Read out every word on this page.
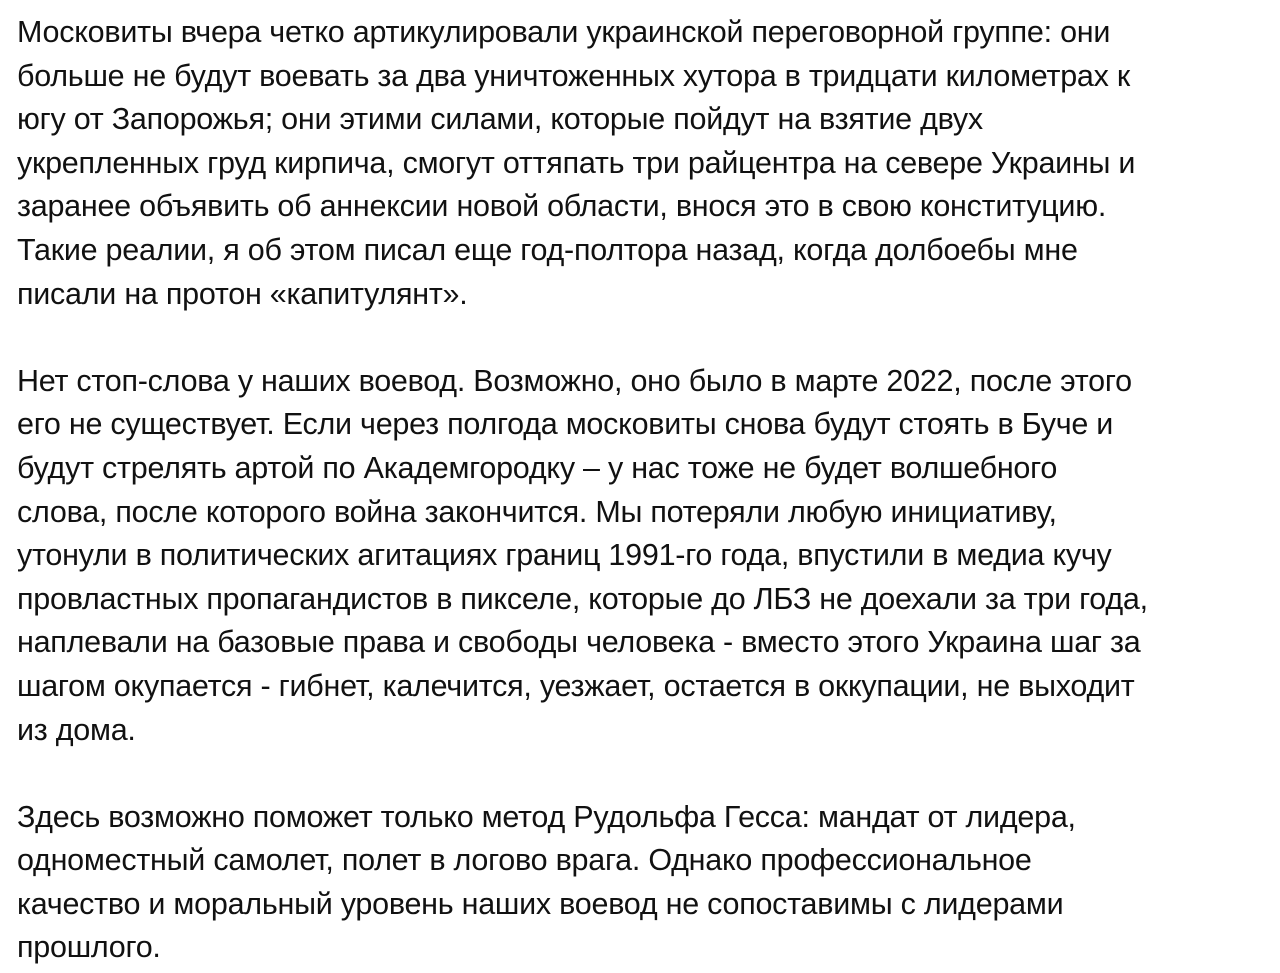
Московиты вчера четко артикулировали украинской переговорной группе: они
больше не будут воевать за два уничтоженных хутора в тридцати километрах к
югу от Запорожья; они этими силами, которые пойдут на взятие двух
укрепленных груд кирпича, смогут оттяпать три райцентра на севере Украины и
заранее объявить об аннексии новой области, внося это в свою конституцию.
Такие реалии, я об этом писал еще год-полтора назад, когда долбоебы мне
писали на протон «капитулянт».

Нет стоп-слова у наших воевод. Возможно, оно было в марте 2022, после этого
его не существует. Если через полгода московиты снова будут стоять в Буче и
будут стрелять артой по Академгородку – у нас тоже не будет волшебного
слова, после которого война закончится. Мы потеряли любую инициативу,
утонули в политических агитациях границ 1991-го года, впустили в медиа кучу
провластных пропагандистов в пикселе, которые до ЛБЗ не доехали за три года,
наплевали на базовые права и свободы человека - вместо этого Украина шаг за
шагом окупается - гибнет, калечится, уезжает, остается в оккупации, не выходит
из дома.

Здесь возможно поможет только метод Рудольфа Гесса: мандат от лидера,
одноместный самолет, полет в логово врага. Однако профессиональное
качество и моральный уровень наших воевод не сопоставимы с лидерами
прошлого.
